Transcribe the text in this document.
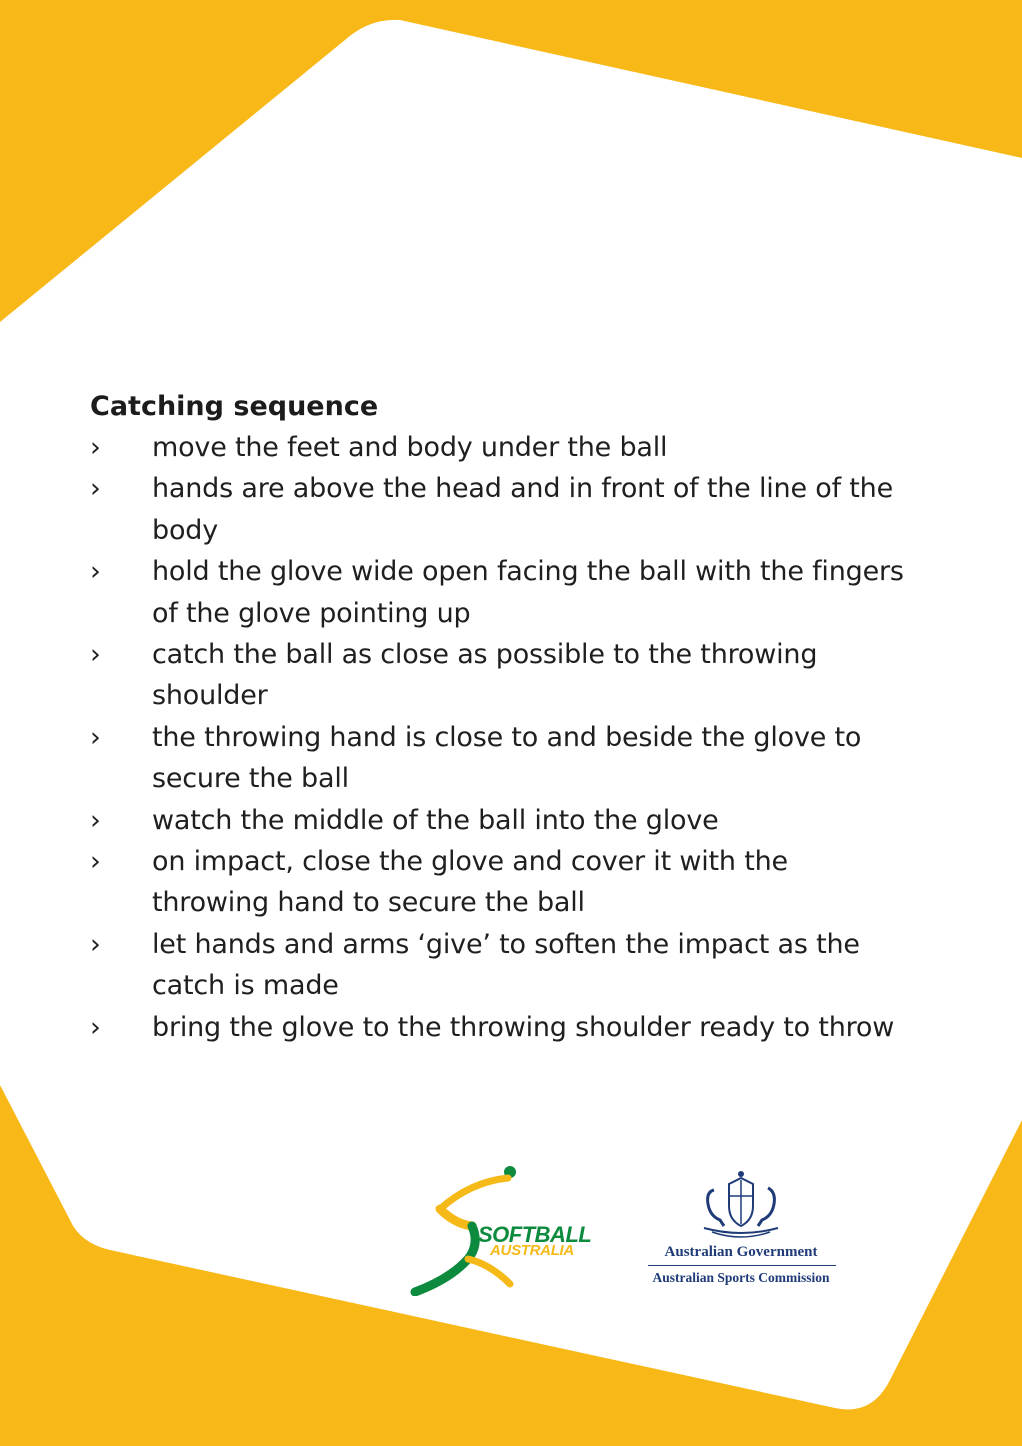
Catching sequence
›	move the feet and body under the ball
›	hands are above the head and in front of the line of the
body
›	hold the glove wide open facing the ball with the fingers
of the glove pointing up
›	catch the ball as close as possible to the throwing
shoulder
›	the throwing hand is close to and beside the glove to
secure the ball
›	watch the middle of the ball into the glove
›	on impact, close the glove and cover it with the
throwing hand to secure the ball
›	let hands and arms ‘give’ to soften the impact as the
catch is made
›	bring the glove to the throwing shoulder ready to throw
SOFTBALL
AUSTRALIA	Australian Government
Australian Sports Commission
